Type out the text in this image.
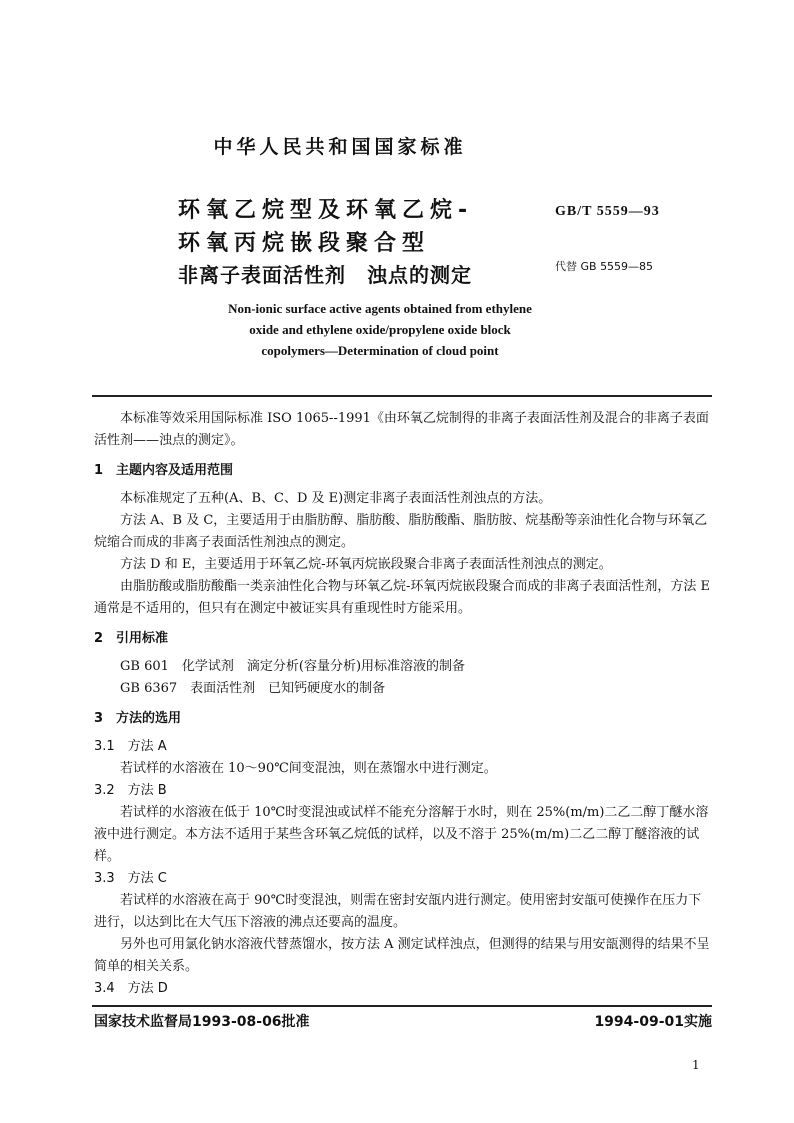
中华人民共和国国家标准
环氧乙烷型及环氧乙烷-
环氧丙烷嵌段聚合型
非离子表面活性剂　浊点的测定
GB/T 5559—93
代替 GB 5559—85
Non-ionic surface active agents obtained from ethylene
oxide and ethylene oxide/propylene oxide block
copolymers—Determination of cloud point

本标准等效采用国际标准 ISO 1065--1991《由环氧乙烷制得的非离子表面活性剂及混合的非离子表面活性剂——浊点的测定》。

1　主题内容及适用范围

本标准规定了五种(A、B、C、D 及 E)测定非离子表面活性剂浊点的方法。

方法 A、B 及 C，主要适用于由脂肪醇、脂肪酸、脂肪酸酯、脂肪胺、烷基酚等亲油性化合物与环氧乙烷缩合而成的非离子表面活性剂浊点的测定。

方法 D 和 E，主要适用于环氧乙烷-环氧丙烷嵌段聚合非离子表面活性剂浊点的测定。

由脂肪酸或脂肪酸酯一类亲油性化合物与环氧乙烷-环氧丙烷嵌段聚合而成的非离子表面活性剂，方法 E 通常是不适用的，但只有在测定中被证实具有重现性时方能采用。

2　引用标准

GB 601　化学试剂　滴定分析(容量分析)用标准溶液的制备

GB 6367　表面活性剂　已知钙硬度水的制备

3　方法的选用

3.1　方法 A

若试样的水溶液在 10～90℃间变混浊，则在蒸馏水中进行测定。

3.2　方法 B

若试样的水溶液在低于 10℃时变混浊或试样不能充分溶解于水时，则在 25%(m/m)二乙二醇丁醚水溶液中进行测定。本方法不适用于某些含环氧乙烷低的试样，以及不溶于 25%(m/m)二乙二醇丁醚溶液的试样。

3.3　方法 C

若试样的水溶液在高于 90℃时变混浊，则需在密封安瓿内进行测定。使用密封安瓿可使操作在压力下进行，以达到比在大气压下溶液的沸点还要高的温度。

另外也可用氯化钠水溶液代替蒸馏水，按方法 A 测定试样浊点，但测得的结果与用安瓿测得的结果不呈简单的相关关系。

3.4　方法 D

国家技术监督局1993-08-06批准	1994-09-01实施
1
